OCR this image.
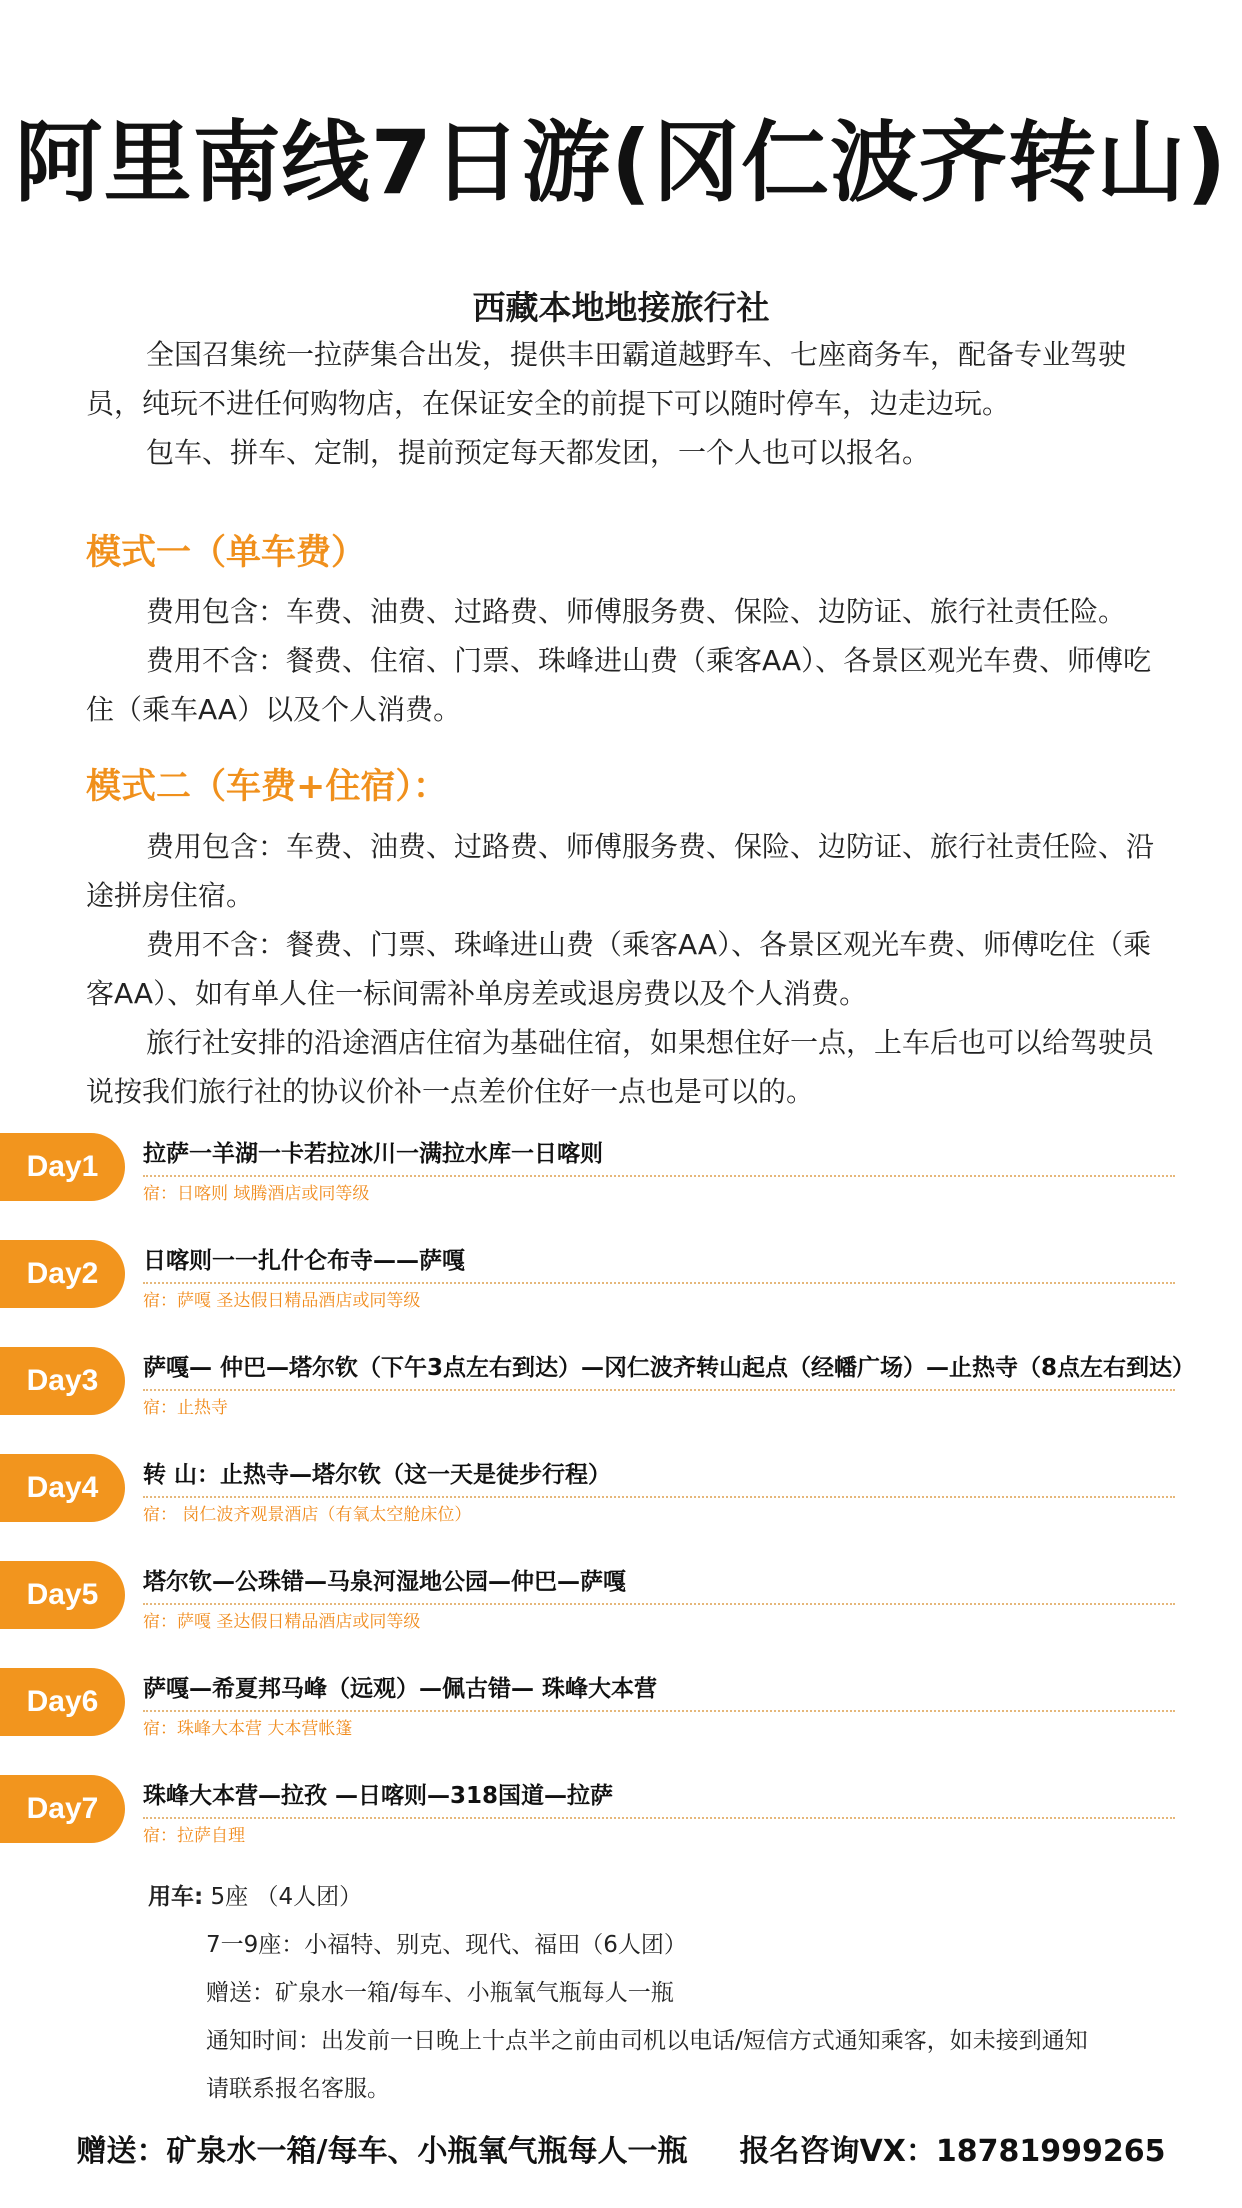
阿里南线7日游(冈仁波齐转山)
西藏本地地接旅行社

全国召集统一拉萨集合出发，提供丰田霸道越野车、七座商务车，配备专业驾驶员，纯玩不进任何购物店，在保证安全的前提下可以随时停车，边走边玩。

包车、拼车、定制，提前预定每天都发团，一个人也可以报名。

模式一（单车费）

费用包含：车费、油费、过路费、师傅服务费、保险、边防证、旅行社责任险。

费用不含：餐费、住宿、门票、珠峰进山费（乘客AA）、各景区观光车费、师傅吃住（乘车AA）以及个人消费。

模式二（车费+住宿）：

费用包含：车费、油费、过路费、师傅服务费、保险、边防证、旅行社责任险、沿途拼房住宿。

费用不含：餐费、门票、珠峰进山费（乘客AA）、各景区观光车费、师傅吃住（乘客AA）、如有单人住一标间需补单房差或退房费以及个人消费。

旅行社安排的沿途酒店住宿为基础住宿，如果想住好一点，上车后也可以给驾驶员说按我们旅行社的协议价补一点差价住好一点也是可以的。

Day1	拉萨一羊湖一卡若拉冰川一满拉水库一日喀则
宿：日喀则 域腾酒店或同等级
Day2	日喀则一一扎什仑布寺——萨嘎
宿：萨嘎 圣达假日精品酒店或同等级
Day3	萨嘎— 仲巴—塔尔钦（下午3点左右到达）—冈仁波齐转山起点（经幡广场）—止热寺（8点左右到达）
宿：止热寺
Day4	转 山：止热寺—塔尔钦（这一天是徒步行程）
宿： 岗仁波齐观景酒店（有氧太空舱床位）
Day5	塔尔钦—公珠错—马泉河湿地公园—仲巴—萨嘎
宿：萨嘎 圣达假日精品酒店或同等级
Day6	萨嘎—希夏邦马峰（远观）—佩古错— 珠峰大本营
宿：珠峰大本营 大本营帐篷
Day7	珠峰大本营—拉孜 —日喀则—318国道—拉萨
宿：拉萨自理
用车: 5座 （4人团）
7一9座：小福特、别克、现代、福田（6人团）
赠送：矿泉水一箱/每车、小瓶氧气瓶每人一瓶
通知时间：出发前一日晚上十点半之前由司机以电话/短信方式通知乘客，如未接到通知
请联系报名客服。
赠送：矿泉水一箱/每车、小瓶氧气瓶每人一瓶 报名咨询VX：18781999265
